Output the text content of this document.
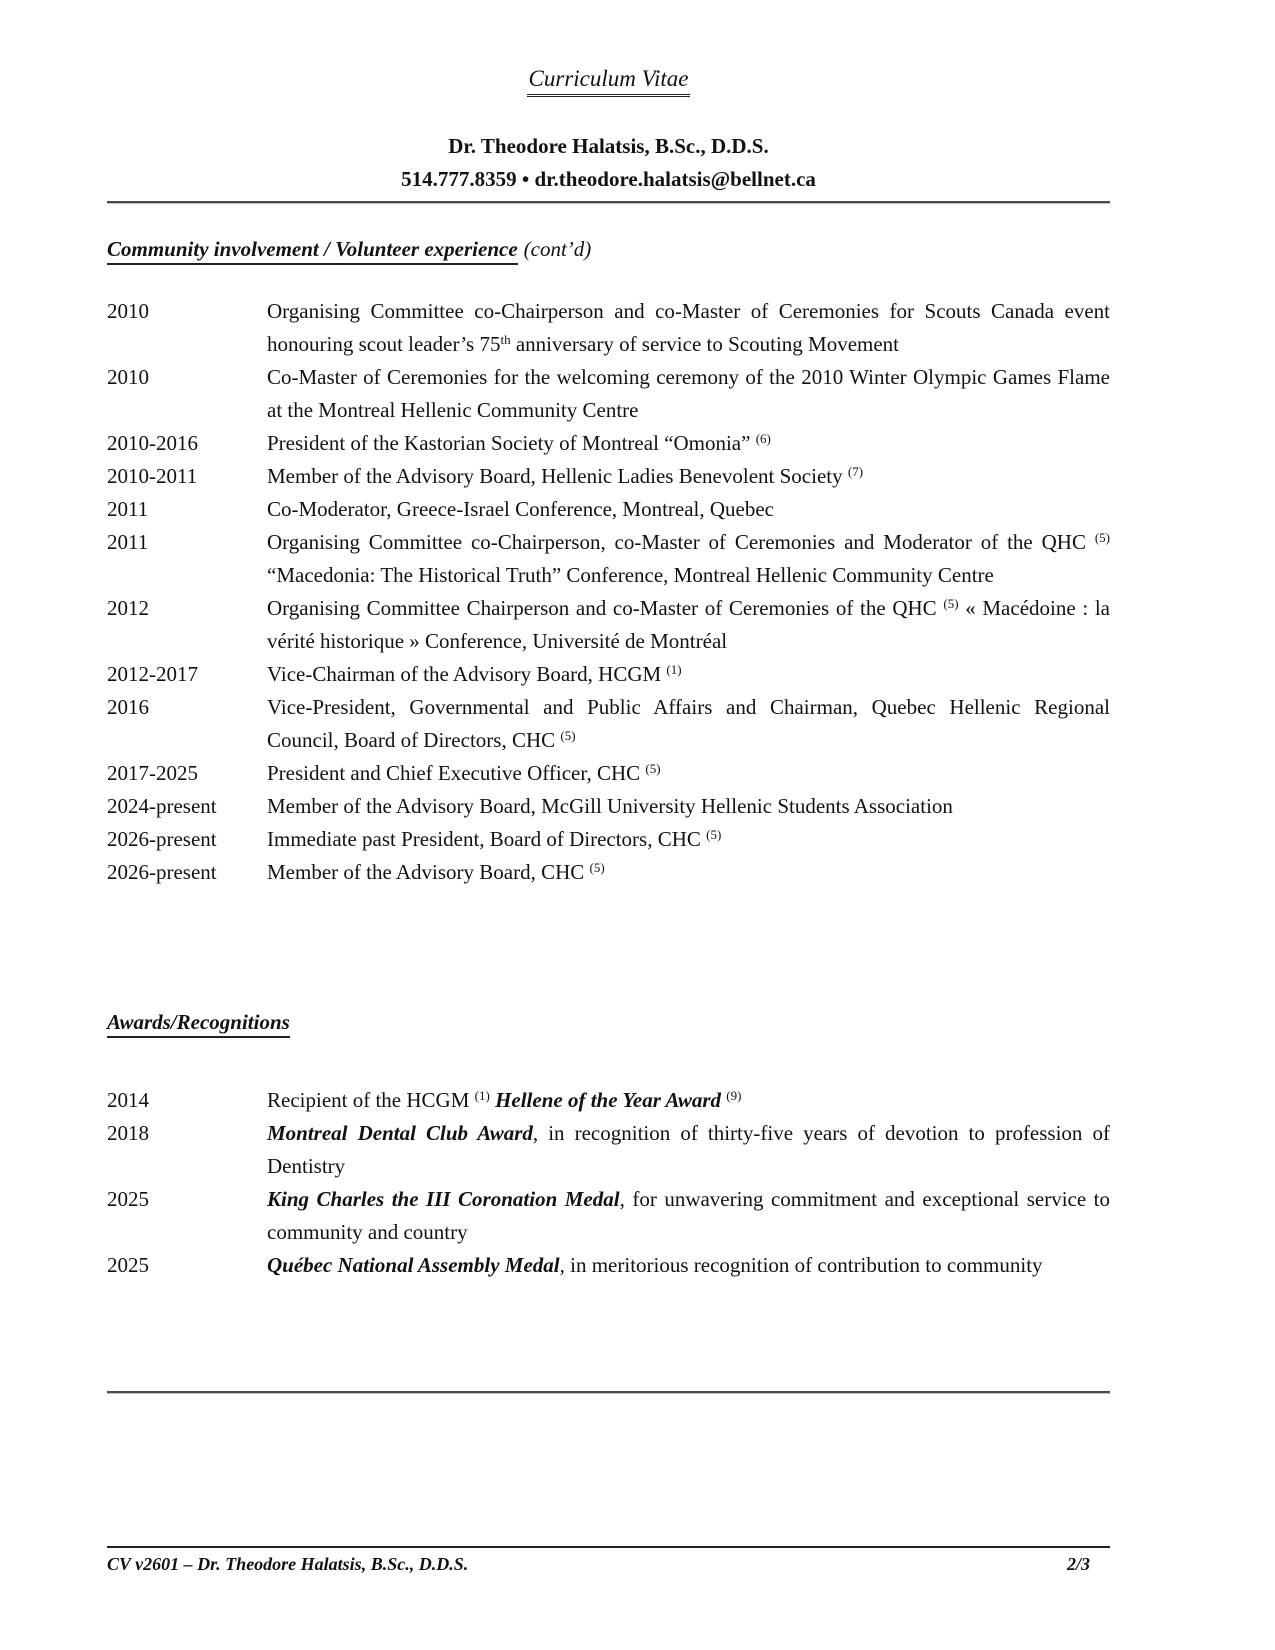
Curriculum Vitae
Dr. Theodore Halatsis, B.Sc., D.D.S.
514.777.8359 • dr.theodore.halatsis@bellnet.ca
Community involvement / Volunteer experience (cont’d)
2010	Organising Committee co-Chairperson and co-Master of Ceremonies for Scouts Canada event honouring scout leader’s 75th anniversary of service to Scouting Movement
2010	Co-Master of Ceremonies for the welcoming ceremony of the 2010 Winter Olympic Games Flame at the Montreal Hellenic Community Centre
2010-2016	President of the Kastorian Society of Montreal “Omonia” $^{(6)}$
2010-2011	Member of the Advisory Board, Hellenic Ladies Benevolent Society $^{(7)}$
2011	Co-Moderator, Greece-Israel Conference, Montreal, Quebec
2011	Organising Committee co-Chairperson, co-Master of Ceremonies and Moderator of the QHC $^{(5)}$ “Macedonia: The Historical Truth” Conference, Montreal Hellenic Community Centre
2012	Organising Committee Chairperson and co-Master of Ceremonies of the QHC $^{(5)}$ « Macédoine : la vérité historique » Conference, Université de Montréal
2012-2017	Vice-Chairman of the Advisory Board, HCGM $^{(1)}$
2016	Vice-President, Governmental and Public Affairs and Chairman, Quebec Hellenic Regional Council, Board of Directors, CHC $^{(5)}$
2017-2025	President and Chief Executive Officer, CHC $^{(5)}$
2024-present	Member of the Advisory Board, McGill University Hellenic Students Association
2026-present	Immediate past President, Board of Directors, CHC $^{(5)}$
2026-present	Member of the Advisory Board, CHC $^{(5)}$
Awards/Recognitions
2014	Recipient of the HCGM $^{(1)}$ Hellene of the Year Award $^{(9)}$
2018	Montreal Dental Club Award, in recognition of thirty-five years of devotion to profession of Dentistry
2025	King Charles the III Coronation Medal, for unwavering commitment and exceptional service to community and country
2025	Québec National Assembly Medal, in meritorious recognition of contribution to community
CV v2601 – Dr. Theodore Halatsis, B.Sc., D.D.S.	2/3
